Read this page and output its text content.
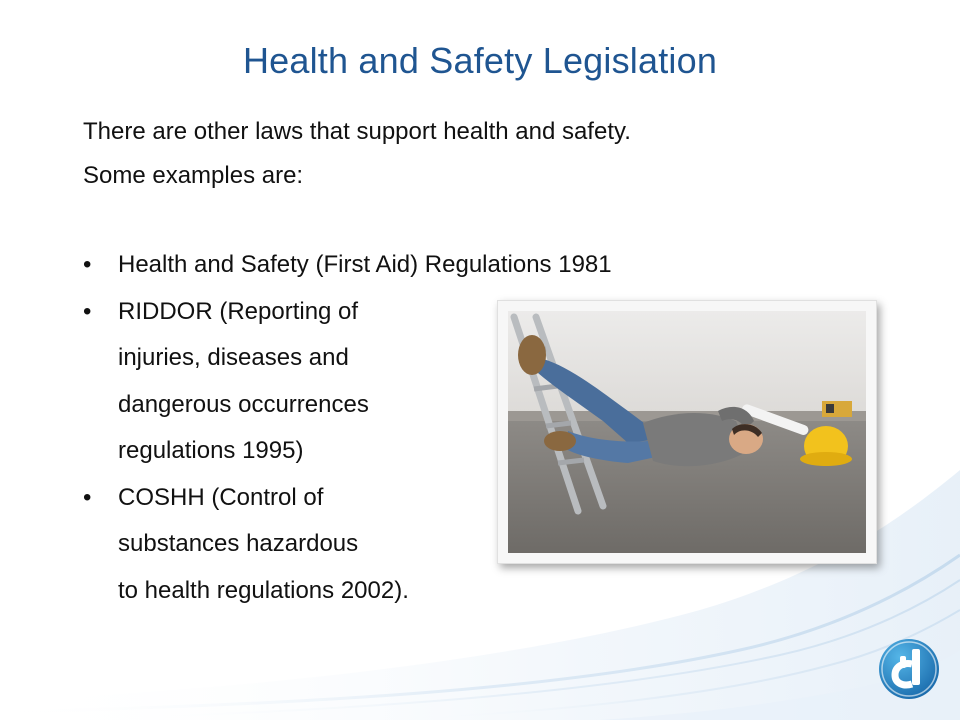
Health and Safety Legislation
There are other laws that support health and safety.
Some examples are:
•	Health and Safety (First Aid) Regulations 1981
•	RIDDOR (Reporting of
injuries, diseases and
dangerous occurrences
regulations 1995)
•	COSHH (Control of
substances hazardous
to health regulations 2002).
